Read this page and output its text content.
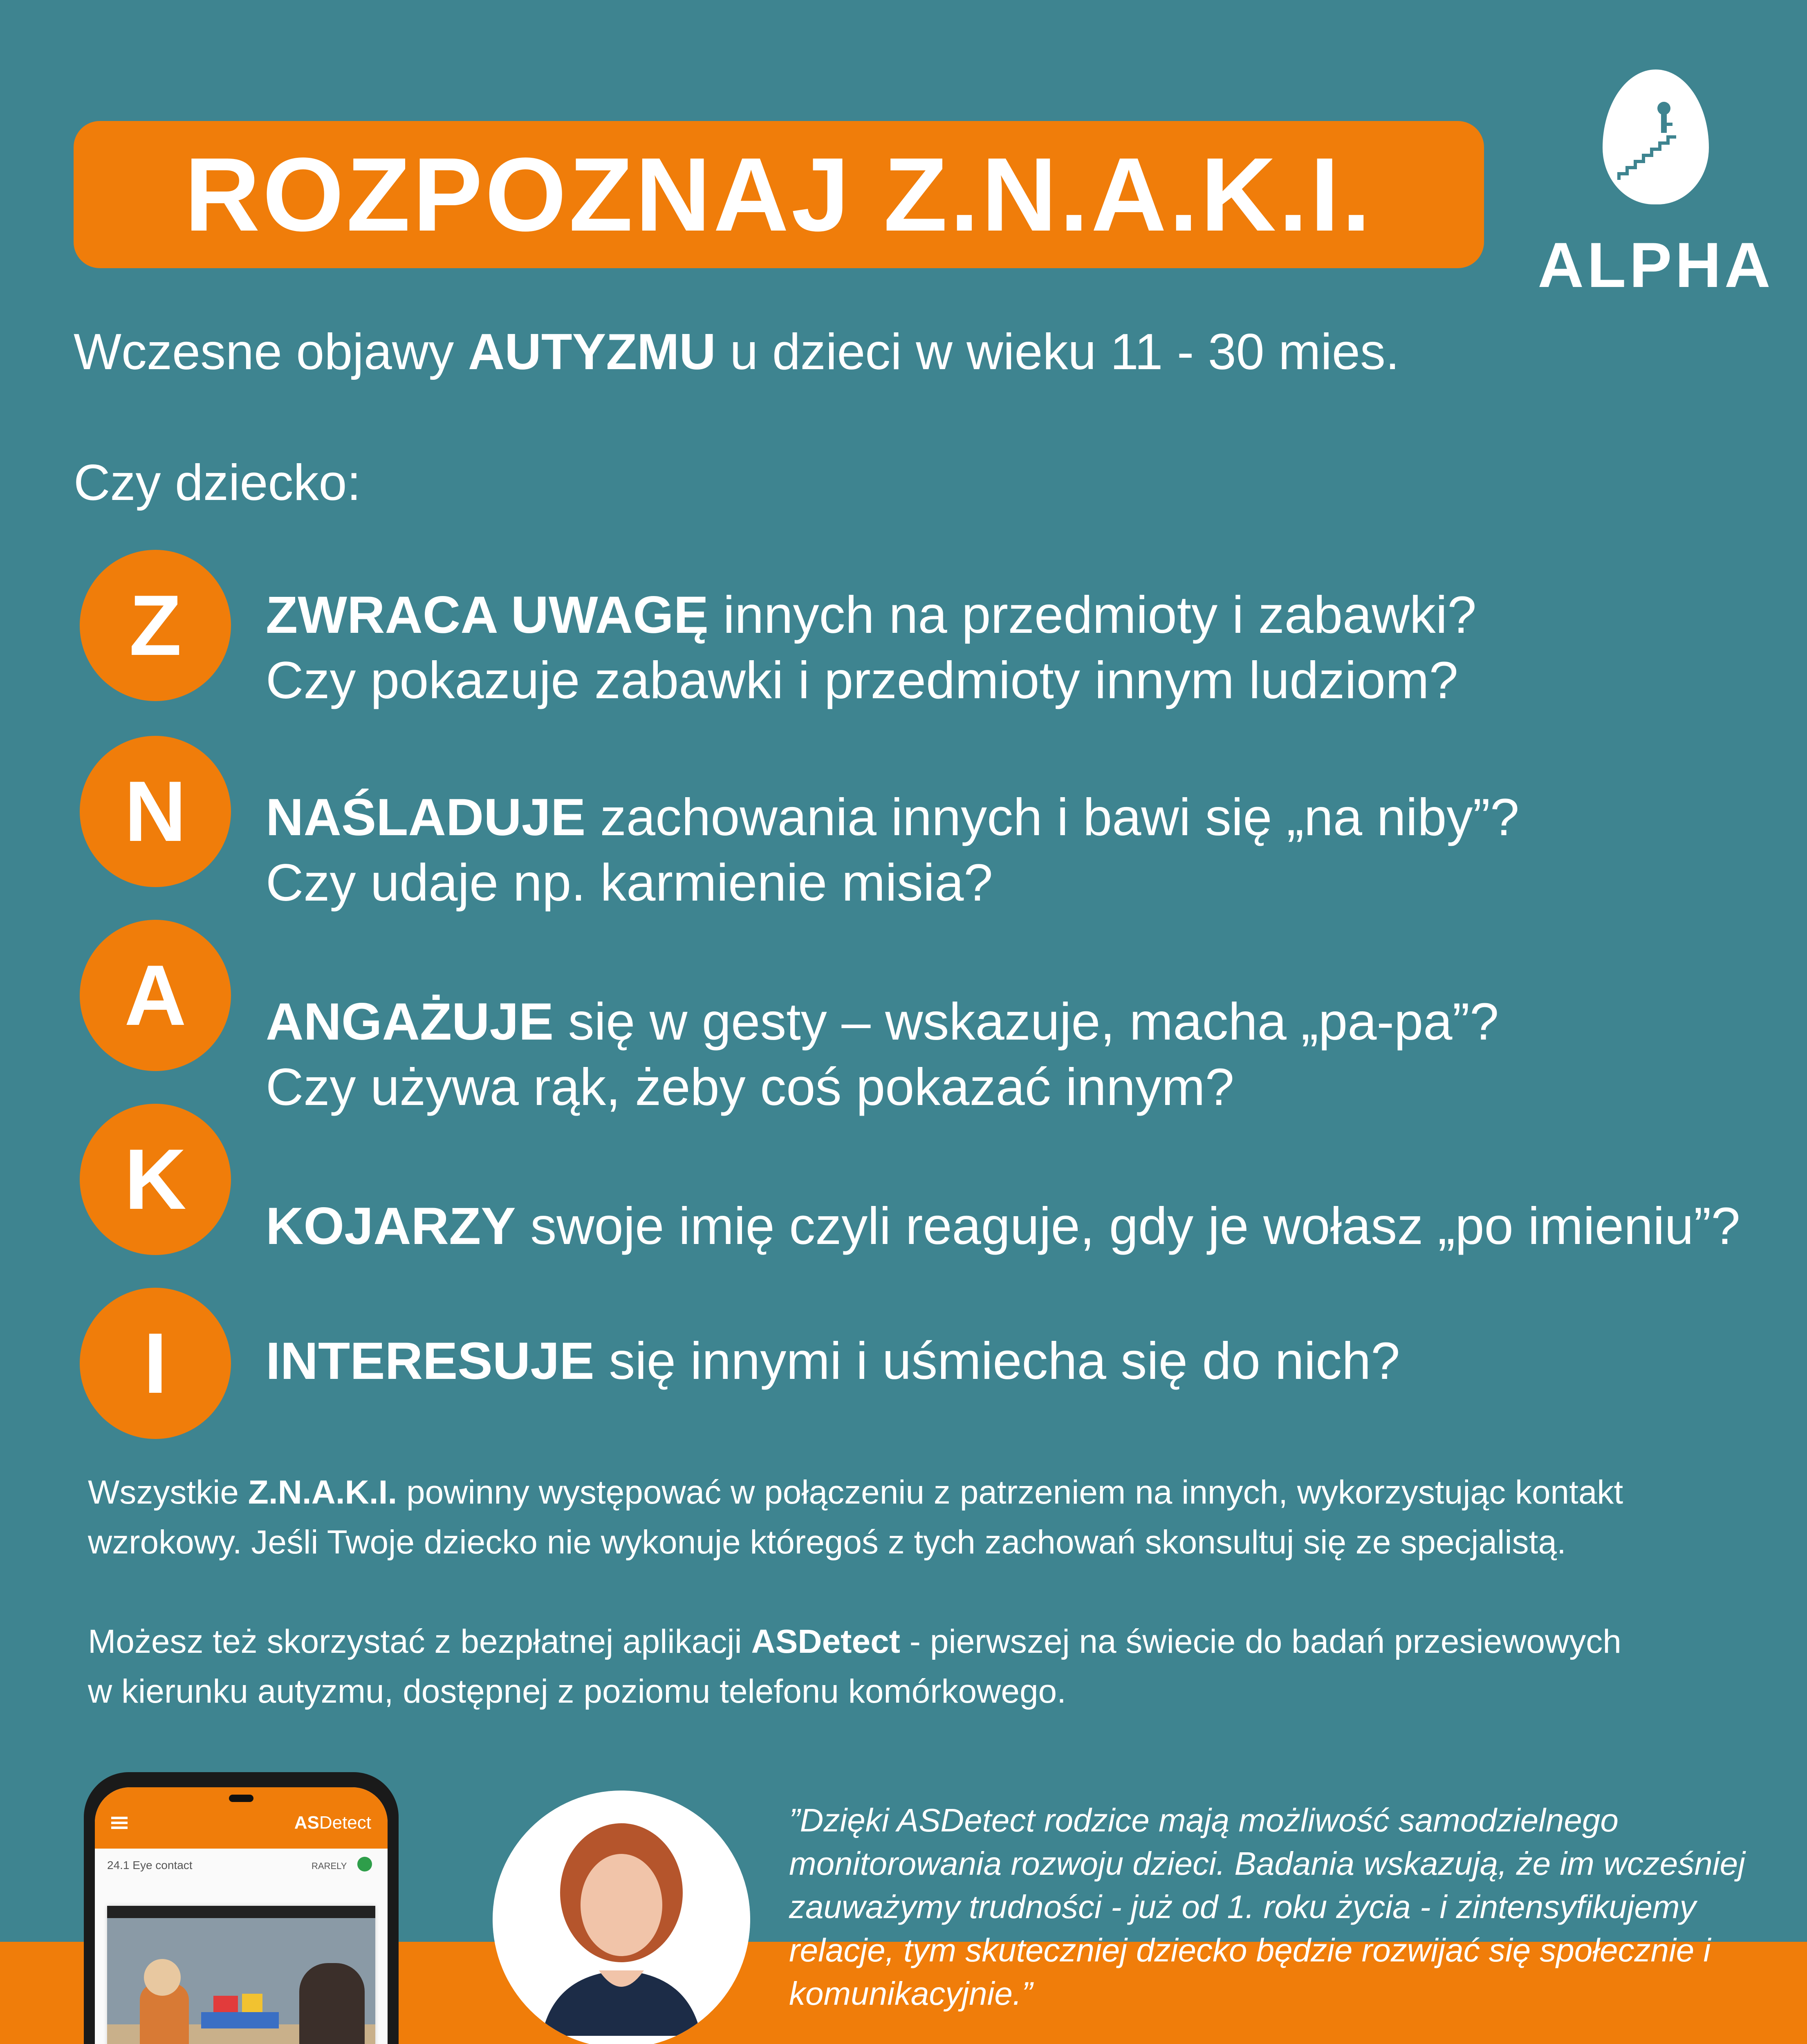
ROZPOZNAJ Z.N.A.K.I.
ALPHA
Wczesne objawy AUTYZMU u dzieci w wieku 11 - 30 mies.
Czy dziecko:
Z ZWRACA UWAGĘ innych na przedmioty i zabawki?
Czy pokazuje zabawki i przedmioty innym ludziom?
N NAŚLADUJE zachowania innych i bawi się „na niby”?
Czy udaje np. karmienie misia?
A ANGAŻUJE się w gesty – wskazuje, macha „pa-pa”?
Czy używa rąk, żeby coś pokazać innym?
K KOJARZY swoje imię czyli reaguje, gdy je wołasz „po imieniu”?
I INTERESUJE się innymi i uśmiecha się do nich?
Wszystkie Z.N.A.K.I. powinny występować w połączeniu z patrzeniem na innych, wykorzystując kontakt
wzrokowy. Jeśli Twoje dziecko nie wykonuje któregoś z tych zachowań skonsultuj się ze specjalistą.
Możesz też skorzystać z bezpłatnej aplikacji ASDetect - pierwszej na świecie do badań przesiewowych
w kierunku autyzmu, dostępnej z poziomu telefonu komórkowego.
ASDetect
24.1 Eye contact	RARELY
”Dzięki ASDetect rodzice mają możliwość samodzielnego monitorowania rozwoju dzieci. Badania wskazują, że im wcześniej zauważymy trudności - już od 1. roku życia - i zintensyfikujemy relacje, tym skuteczniej dziecko będzie rozwijać się społecznie i komunikacyjnie.”
